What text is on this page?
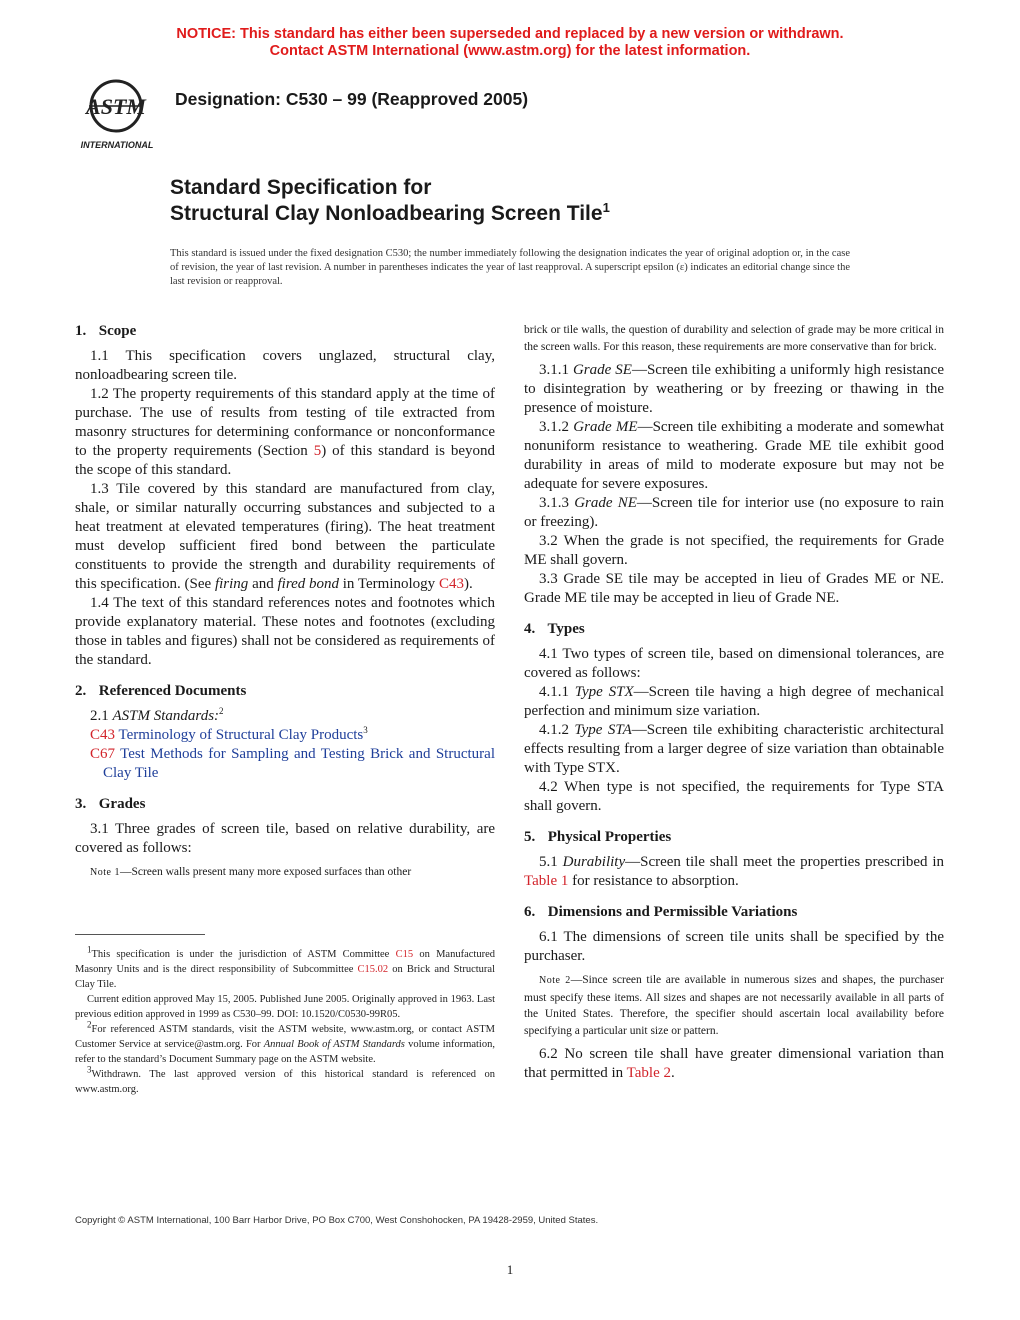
NOTICE: This standard has either been superseded and replaced by a new version or withdrawn.
Contact ASTM International (www.astm.org) for the latest information.
ASTM
INTERNATIONAL
Designation: C530 – 99 (Reapproved 2005)
Standard Specification for
Structural Clay Nonloadbearing Screen Tile$^1$
This standard is issued under the fixed designation C530; the number immediately following the designation indicates the year of original adoption or, in the case of revision, the year of last revision. A number in parentheses indicates the year of last reapproval. A superscript epsilon (ε) indicates an editorial change since the last revision or reapproval.
1. Scope

1.1 This specification covers unglazed, structural clay, nonloadbearing screen tile.

1.2 The property requirements of this standard apply at the time of purchase. The use of results from testing of tile extracted from masonry structures for determining conformance or nonconformance to the property requirements (Section 5) of this standard is beyond the scope of this standard.

1.3 Tile covered by this standard are manufactured from clay, shale, or similar naturally occurring substances and subjected to a heat treatment at elevated temperatures (firing). The heat treatment must develop sufficient fired bond between the particulate constituents to provide the strength and durability requirements of this specification. (See firing and fired bond in Terminology C43).

1.4 The text of this standard references notes and footnotes which provide explanatory material. These notes and footnotes (excluding those in tables and figures) shall not be considered as requirements of the standard.

2. Referenced Documents

2.1 ASTM Standards:$^2$

C43 Terminology of Structural Clay Products$^3$

C67 Test Methods for Sampling and Testing Brick and Structural Clay Tile

3. Grades

3.1 Three grades of screen tile, based on relative durability, are covered as follows:

Note 1—Screen walls present many more exposed surfaces than other

$^1$This specification is under the jurisdiction of ASTM Committee C15 on Manufactured Masonry Units and is the direct responsibility of Subcommittee C15.02 on Brick and Structural Clay Tile.

Current edition approved May 15, 2005. Published June 2005. Originally approved in 1963. Last previous edition approved in 1999 as C530–99. DOI: 10.1520/C0530-99R05.

$^2$For referenced ASTM standards, visit the ASTM website, www.astm.org, or contact ASTM Customer Service at service@astm.org. For Annual Book of ASTM Standards volume information, refer to the standard’s Document Summary page on the ASTM website.

$^3$Withdrawn. The last approved version of this historical standard is referenced on www.astm.org.

brick or tile walls, the question of durability and selection of grade may be more critical in the screen walls. For this reason, these requirements are more conservative than for brick.

3.1.1 Grade SE—Screen tile exhibiting a uniformly high resistance to disintegration by weathering or by freezing or thawing in the presence of moisture.

3.1.2 Grade ME—Screen tile exhibiting a moderate and somewhat nonuniform resistance to weathering. Grade ME tile exhibit good durability in areas of mild to moderate exposure but may not be adequate for severe exposures.

3.1.3 Grade NE—Screen tile for interior use (no exposure to rain or freezing).

3.2 When the grade is not specified, the requirements for Grade ME shall govern.

3.3 Grade SE tile may be accepted in lieu of Grades ME or NE. Grade ME tile may be accepted in lieu of Grade NE.

4. Types

4.1 Two types of screen tile, based on dimensional tolerances, are covered as follows:

4.1.1 Type STX—Screen tile having a high degree of mechanical perfection and minimum size variation.

4.1.2 Type STA—Screen tile exhibiting characteristic architectural effects resulting from a larger degree of size variation than obtainable with Type STX.

4.2 When type is not specified, the requirements for Type STA shall govern.

5. Physical Properties

5.1 Durability—Screen tile shall meet the properties prescribed in Table 1 for resistance to absorption.

6. Dimensions and Permissible Variations

6.1 The dimensions of screen tile units shall be specified by the purchaser.

Note 2—Since screen tile are available in numerous sizes and shapes, the purchaser must specify these items. All sizes and shapes are not necessarily available in all parts of the United States. Therefore, the specifier should ascertain local availability before specifying a particular unit size or pattern.

6.2 No screen tile shall have greater dimensional variation than that permitted in Table 2.

Copyright © ASTM International, 100 Barr Harbor Drive, PO Box C700, West Conshohocken, PA 19428-2959, United States.
1
